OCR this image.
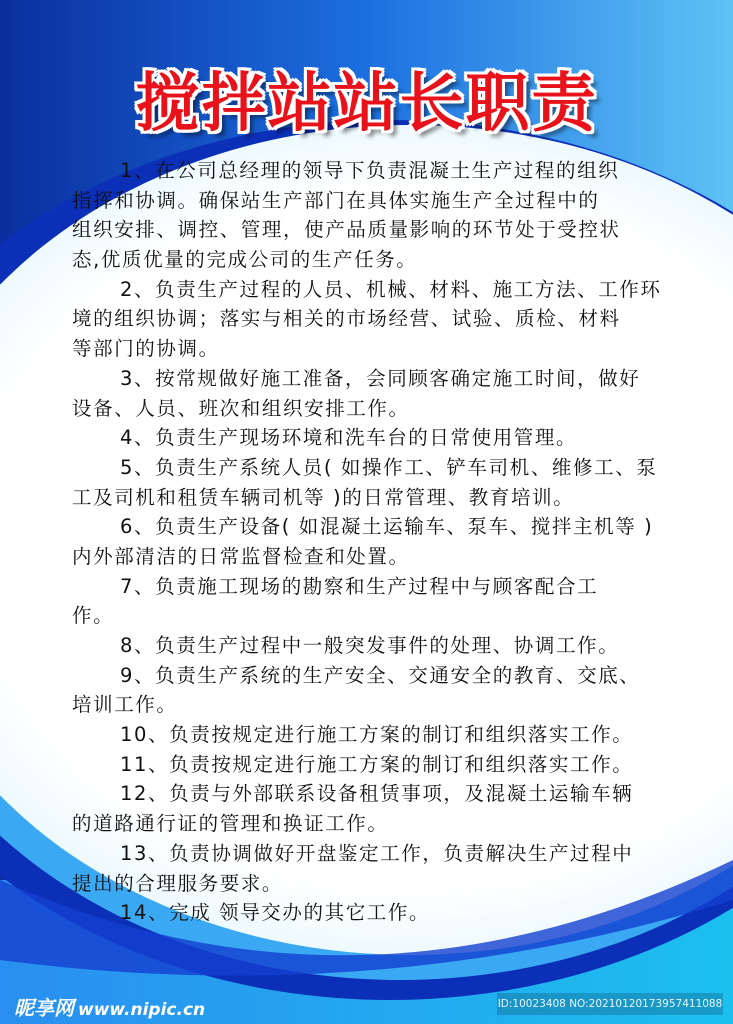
搅拌站站长职责
1、在公司总经理的领导下负责混凝土生产过程的组织
指挥和协调。确保站生产部门在具体实施生产全过程中的
组织安排、调控、管理，使产品质量影响的环节处于受控状
态,优质优量的完成公司的生产任务。
2、负责生产过程的人员、机械、材料、施工方法、工作环
境的组织协调；落实与相关的市场经营、试验、质检、材料
等部门的协调。
3、按常规做好施工准备，会同顾客确定施工时间，做好
设备、人员、班次和组织安排工作。
4、负责生产现场环境和洗车台的日常使用管理。
5、负责生产系统人员( 如操作工、铲车司机、维修工、泵
工及司机和租赁车辆司机等 )的日常管理、教育培训。
6、负责生产设备( 如混凝土运输车、泵车、搅拌主机等 )
内外部清洁的日常监督检查和处置。
7、负责施工现场的勘察和生产过程中与顾客配合工
作。
8、负责生产过程中一般突发事件的处理、协调工作。
9、负责生产系统的生产安全、交通安全的教育、交底、
培训工作。
10、负责按规定进行施工方案的制订和组织落实工作。
11、负责按规定进行施工方案的制订和组织落实工作。
12、负责与外部联系设备租赁事项，及混凝土运输车辆
的道路通行证的管理和换证工作。
13、负责协调做好开盘鉴定工作，负责解决生产过程中
提出的合理服务要求。
14、完成 领导交办的其它工作。
昵享网 www.nipic.cn	ID:10023408 NO:20210120173957411088
